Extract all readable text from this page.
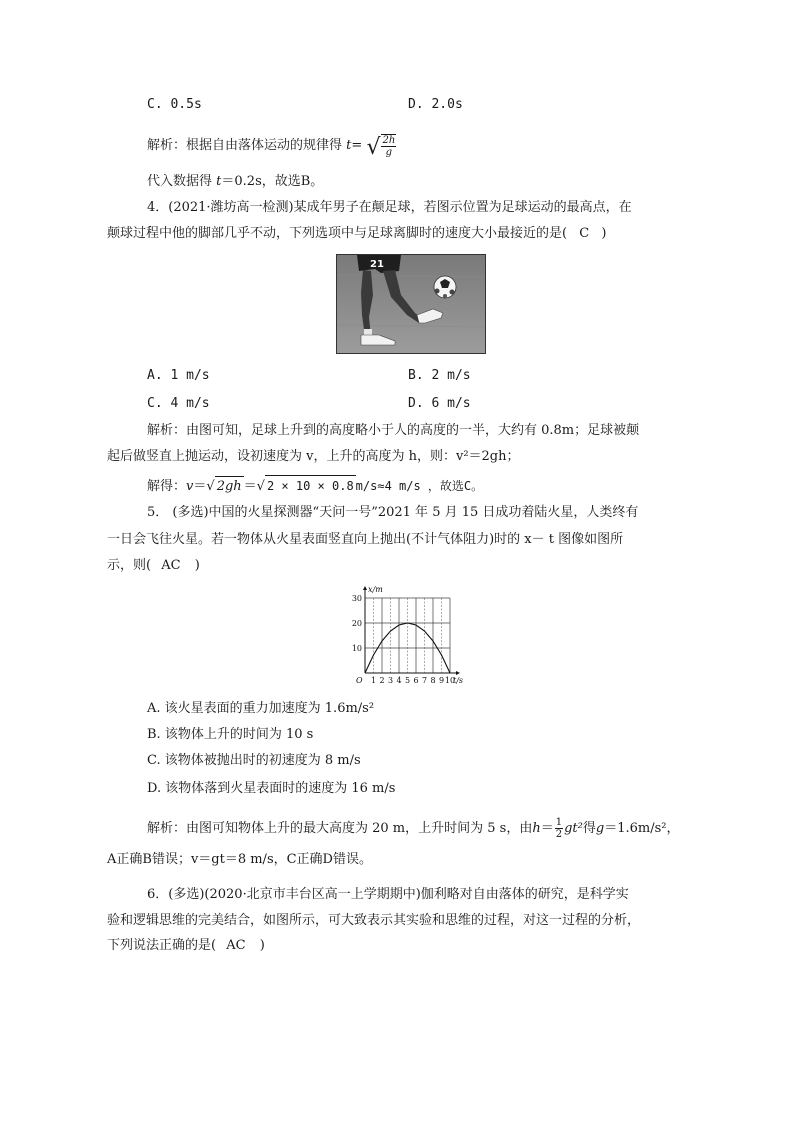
C. 0.5s	D. 2.0s
解析：根据自由落体运动的规律得 t= √ $\frac{2h}{g}$
代入数据得 t＝0.2s，故选B。
4．(2021·潍坊高一检测)某成年男子在颠足球，若图示位置为足球运动的最高点，在
颠球过程中他的脚部几乎不动，下列选项中与足球离脚时的速度大小最接近的是( C )
21
A. 1 m/s	B. 2 m/s
C. 4 m/s	D. 6 m/s
解析：由图可知，足球上升到的高度略小于人的高度的一半，大约有 0.8m；足球被颠
起后做竖直上抛运动，设初速度为 v，上升的高度为 h，则：v²＝2gh；
解得：v＝√ 2gh ＝√ 2 × 10 × 0.8 m/s≈4 m/s ，故选C。
5． (多选)中国的火星探测器“天问一号”2021 年 5 月 15 日成功着陆火星，人类终有
一日会飞往火星。若一物体从火星表面竖直向上抛出(不计气体阻力)时的 x－ t 图像如图所
示，则( AC )
1 2 3 4 5 6 7 8 9 10
10
20
30
O
x/m
t/s
A. 该火星表面的重力加速度为 1.6m/s²
B. 该物体上升的时间为 10 s
C. 该物体被抛出时的初速度为 8 m/s
D. 该物体落到火星表面时的速度为 16 m/s
解析：由图可知物体上升的最大高度为 20 m，上升时间为 5 s，由$h= \frac{1}{2} gt^2$得g＝1.6m/s²，
A正确B错误；v＝gt＝8 m/s，C正确D错误。
6．(多选)(2020·北京市丰台区高一上学期期中)伽利略对自由落体的研究，是科学实
验和逻辑思维的完美结合，如图所示，可大致表示其实验和思维的过程，对这一过程的分析，
下列说法正确的是( AC )
